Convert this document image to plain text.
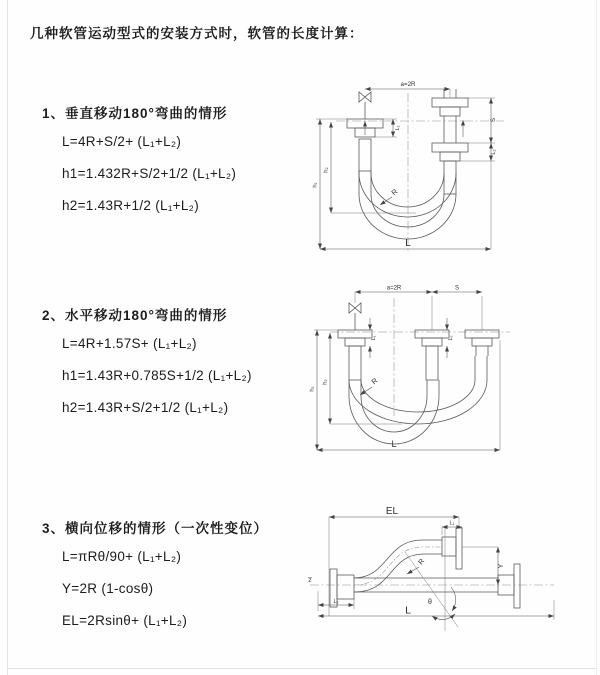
几种软管运动型式的安装方式时，软管的长度计算：
1、垂直移动180°弯曲的情形
L=4R+S/2+ (L₁+L₂)
h1=1.432R+S/2+1/2 (L₁+L₂)
h2=1.43R+1/2 (L₁+L₂)
2、水平移动180°弯曲的情形
L=4R+1.57S+ (L₁+L₂)
h1=1.43R+0.785S+1/2 (L₁+L₂)
h2=1.43R+S/2+1/2 (L₁+L₂)
3、横向位移的情形（一次性变位）
L=πRθ/90+ (L₁+L₂)
Y=2R (1-cosθ)
EL=2Rsinθ+ (L₁+L₂)
a=2R
S
L₂
L₁
h₁
h₂
R
L
a=2R	S
L₁	L₂
h₁
h₂	R
L
EL
L₁
Y
R
θ
z̅
L₁
L
